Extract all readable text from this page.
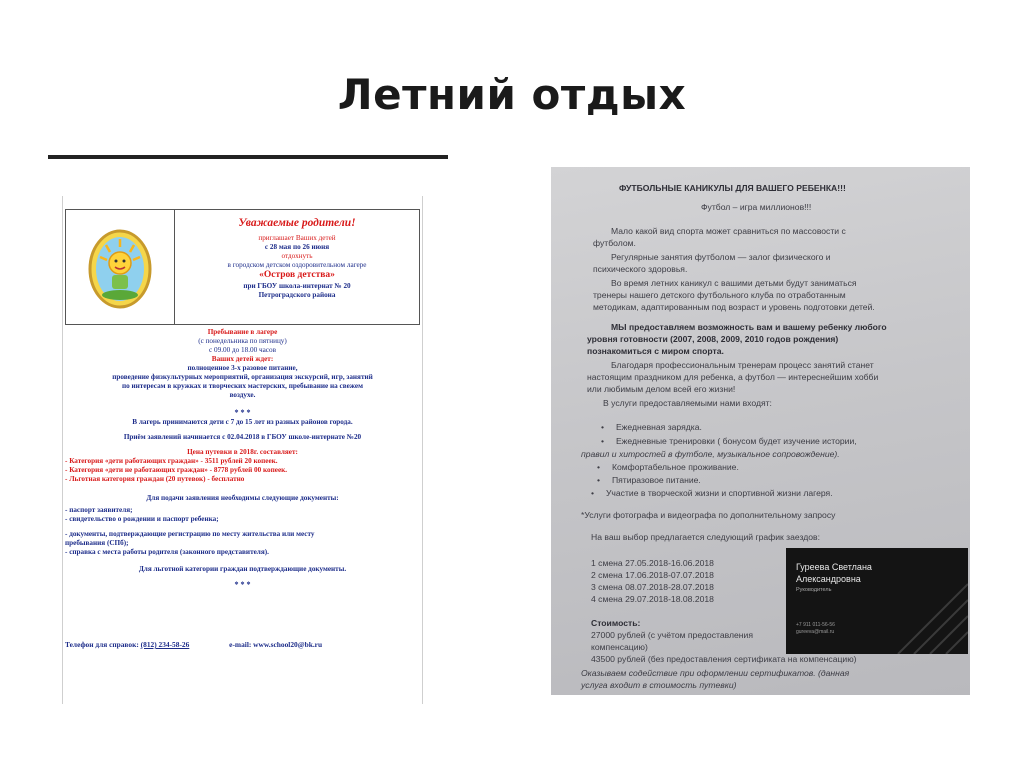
Летний отдых
Уважаемые родители!
приглашает Ваших детей
с 28 мая по 26 июня
отдохнуть
в городском детском оздоровительном лагере
«Остров детства»
при ГБОУ школа-интернат № 20
Петроградского района
Пребывание в лагере
(с понедельника по пятницу)
с 09.00 до 18.00 часов
Ваших детей ждет:
полноценное 3-х разовое питание,
проведение физкультурных мероприятий, организация экскурсий, игр, занятий
по интересам в кружках и творческих мастерских, пребывание на свежем
воздухе.
* * *
В лагерь принимаются дети с 7 до 15 лет из разных районов города.
Приём заявлений начинается с 02.04.2018 в ГБОУ школе-интернате №20
Цена путевки в 2018г. составляет:
- Категория «дети работающих граждан» - 3511 рублей 20 копеек.
- Категория «дети не работающих граждан» - 8778 рублей 00 копеек.
- Льготная категория граждан (20 путевок) - бесплатно
Для подачи заявления необходимы следующие документы:
- паспорт заявителя;
- свидетельство о рождении и паспорт ребенка;
- документы, подтверждающие регистрацию по месту жительства или месту
пребывания (СПб);
- справка с места работы родителя (законного представителя).
Для льготной категории граждан подтверждающие документы.
* * *
Телефон для справок: (812) 234-58-26	e-mail: www.school20@bk.ru
ФУТБОЛЬНЫЕ КАНИКУЛЫ ДЛЯ ВАШЕГО РЕБЕНКА!!!
Футбол – игра миллионов!!!
Мало какой вид спорта может сравниться по массовости с
футболом.
Регулярные занятия футболом — залог физического и
психического здоровья.
Во время летних каникул с вашими детьми будут заниматься
тренеры нашего детского футбольного клуба по отработанным
методикам, адаптированным под возраст и уровень подготовки детей.
МЫ предоставляем возможность вам и вашему ребенку любого
уровня готовности (2007, 2008, 2009, 2010 годов рождения)
познакомиться с миром спорта.
Благодаря профессиональным тренерам процесс занятий станет
настоящим праздником для ребенка, а футбол — интереснейшим хобби
или любимым делом всей его жизни!
В услуги предоставляемыми нами входят:
•     Ежедневная зарядка.
•     Ежедневные тренировки ( бонусом будет изучение истории,
правил и хитростей в футболе, музыкальное сопровождение).
•     Комфортабельное проживание.
•     Пятиразовое питание.
•     Участие в творческой жизни и спортивной жизни лагеря.
*Услуги фотографа и видеографа по дополнительному запросу
На ваш выбор предлагается следующий график заездов:
1 смена 27.05.2018-16.06.2018
2 смена 17.06.2018-07.07.2018
3 смена 08.07.2018-28.07.2018
4 смена 29.07.2018-18.08.2018
Стоимость:
27000 рублей (с учётом предоставления
компенсацию)
43500 рублей (без предоставления сертификата на компенсацию)
Оказываем содействие при оформлении сертификатов. (данная
услуга входит в стоимость путевки)
Гуреева Светлана
Александровна
Руководитель
+7 911 011-56-56
gureeva@mail.ru
